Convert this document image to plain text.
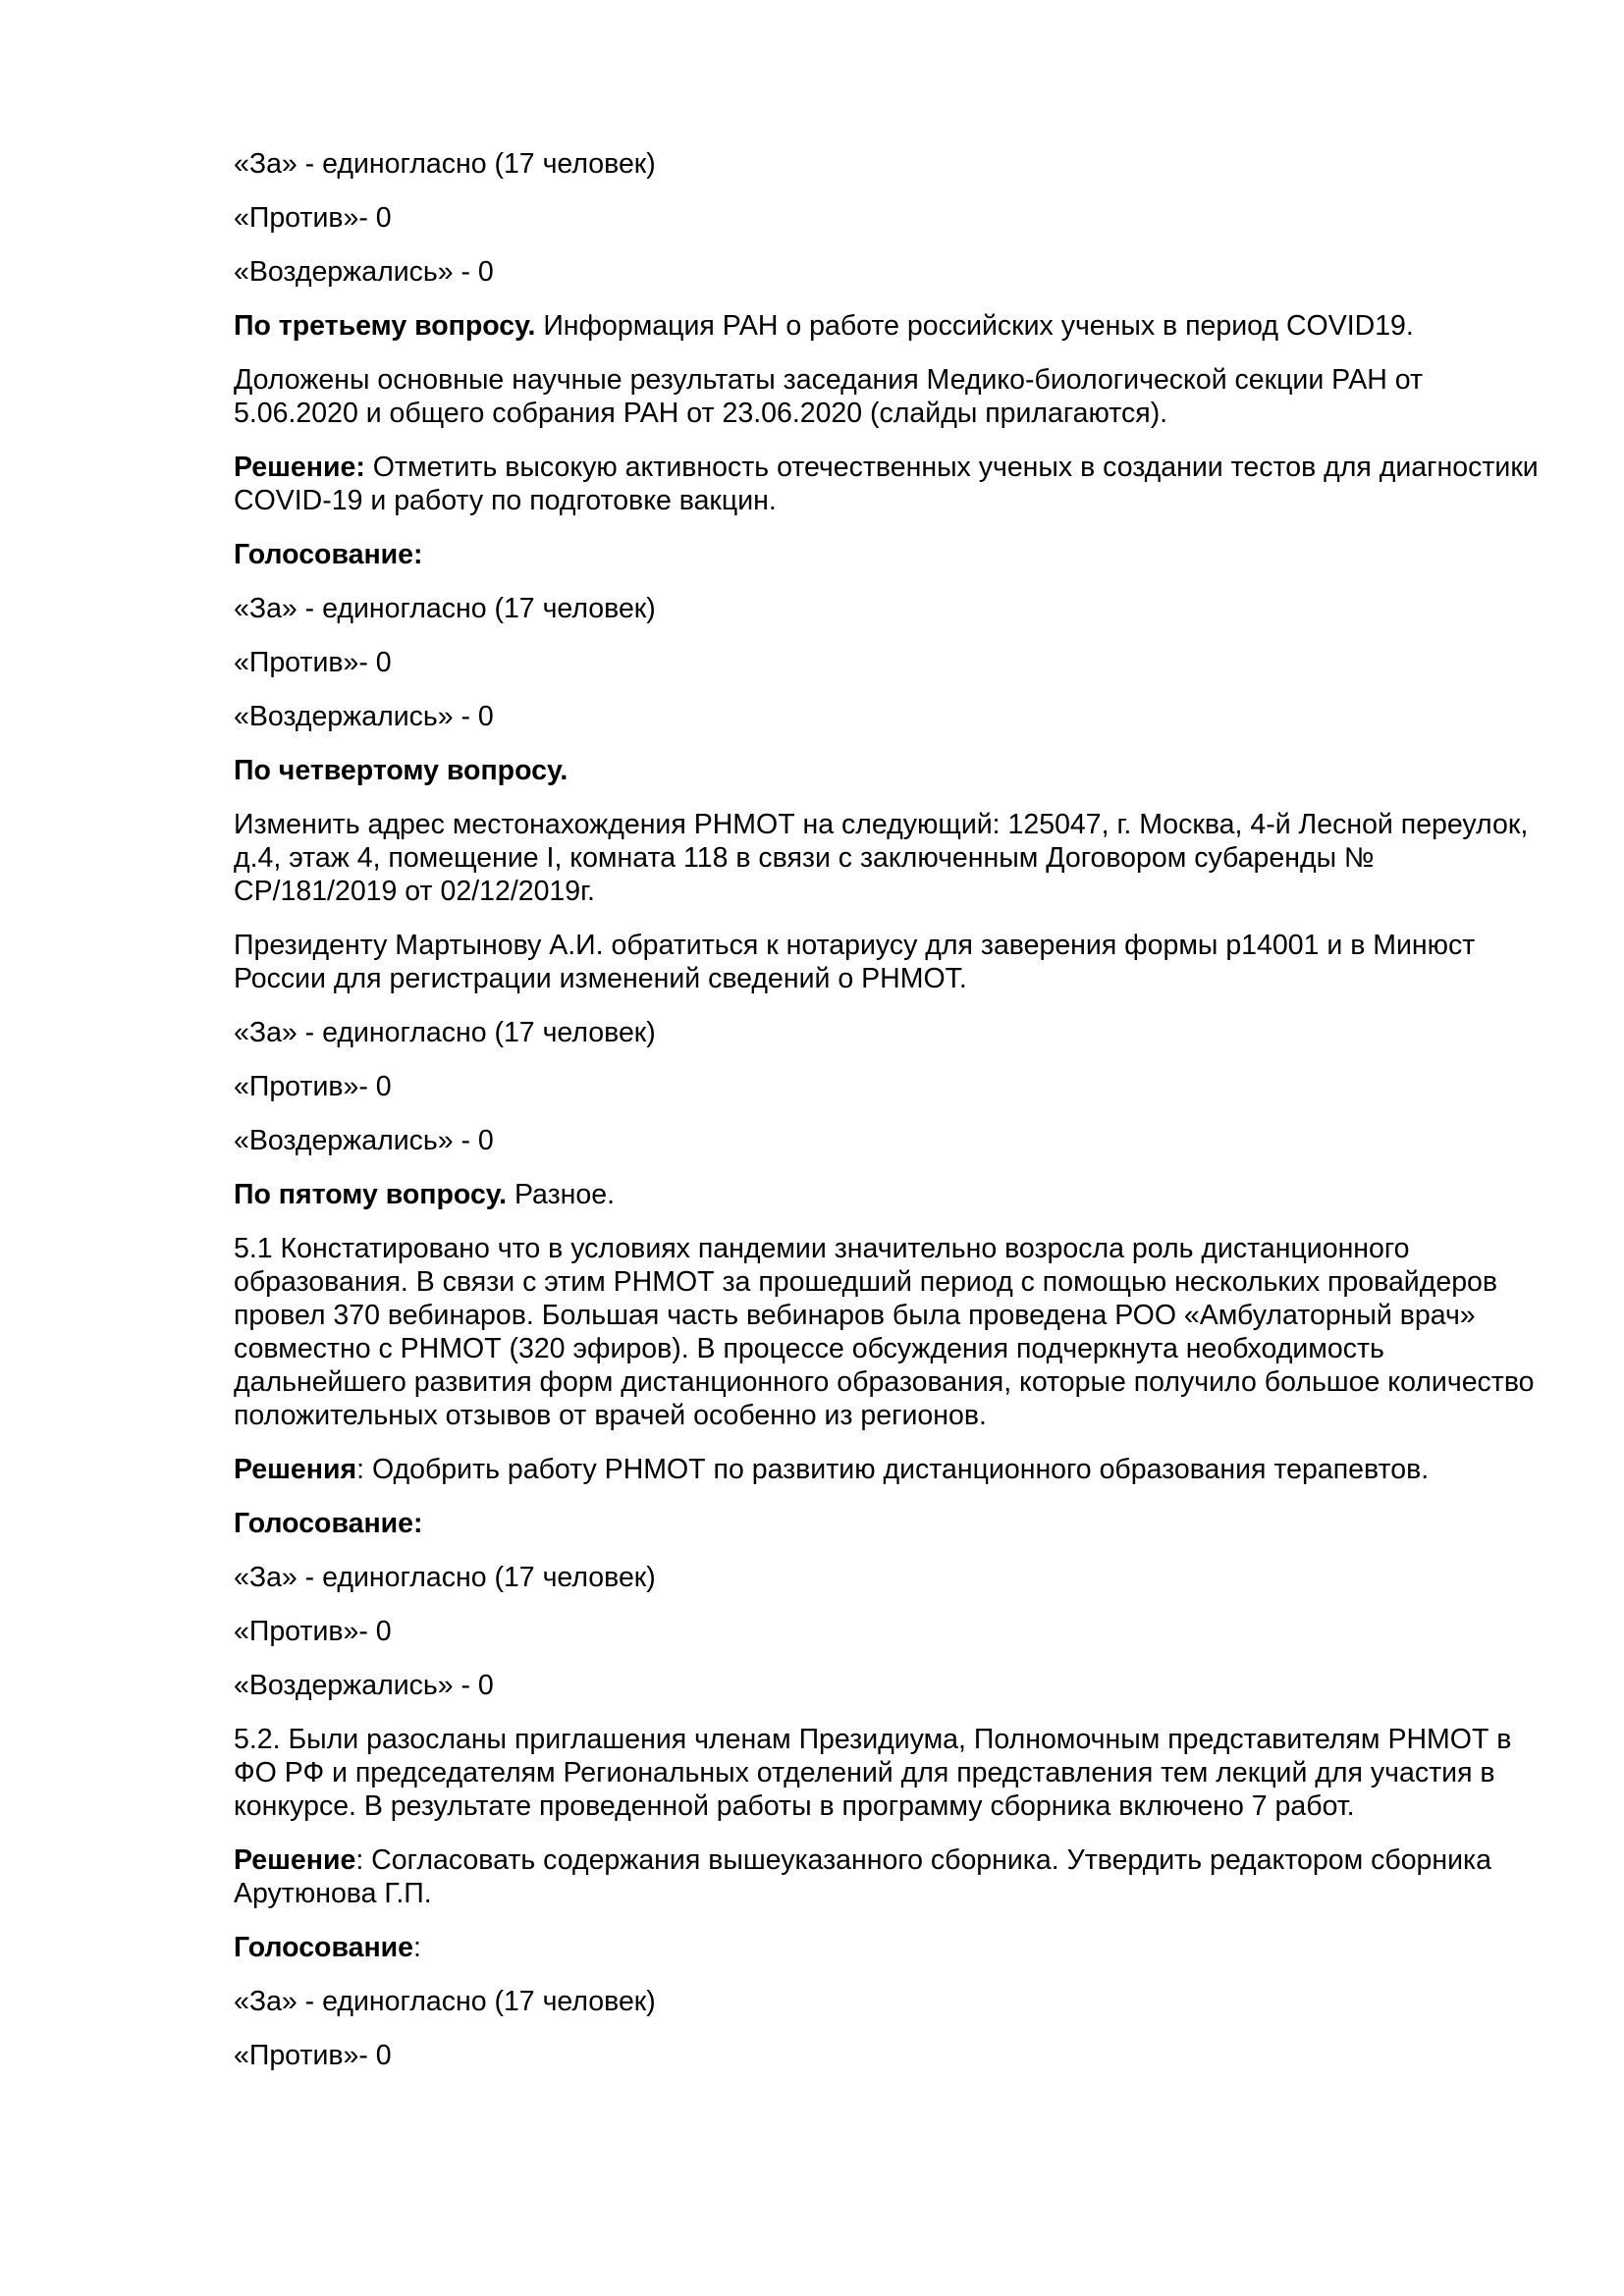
«За» - единогласно (17 человек)

«Против»- 0

«Воздержались» - 0

По третьему вопросу. Информация РАН о работе российских ученых в период COVID19.

Доложены основные научные результаты заседания Медико-биологической секции РАН от 5.06.2020 и общего собрания РАН от 23.06.2020 (слайды прилагаются).

Решение: Отметить высокую активность отечественных ученых в создании тестов для диагностики COVID-19 и работу по подготовке вакцин.

Голосование:

«За» - единогласно (17 человек)

«Против»- 0

«Воздержались» - 0

По четвертому вопросу.

Изменить адрес местонахождения РНМОТ на следующий: 125047, г. Москва, 4-й Лесной переулок, д.4, этаж 4, помещение I, комната 118 в связи с заключенным Договором субаренды № СР/181/2019 от 02/12/2019г.

Президенту Мартынову А.И. обратиться к нотариусу для заверения формы р14001 и в Минюст России для регистрации изменений сведений о РНМОТ.

«За» - единогласно (17 человек)

«Против»- 0

«Воздержались» - 0

По пятому вопросу. Разное.

5.1 Констатировано что в условиях пандемии значительно возросла роль дистанционного образования. В связи с этим РНМОТ за прошедший период с помощью нескольких провайдеров провел 370 вебинаров. Большая часть вебинаров была проведена РОО «Амбулаторный врач» совместно с РНМОТ (320 эфиров). В процессе обсуждения подчеркнута необходимость дальнейшего развития форм дистанционного образования, которые получило большое количество положительных отзывов от врачей особенно из регионов.

Решения: Одобрить работу РНМОТ по развитию дистанционного образования терапевтов.

Голосование:

«За» - единогласно (17 человек)

«Против»- 0

«Воздержались» - 0

5.2. Были разосланы приглашения членам Президиума, Полномочным представителям РНМОТ в ФО РФ и председателям Региональных отделений для представления тем лекций для участия в конкурсе. В результате проведенной работы в программу сборника включено 7 работ.

Решение: Согласовать содержания вышеуказанного сборника. Утвердить редактором сборника Арутюнова Г.П.

Голосование:

«За» - единогласно (17 человек)

«Против»- 0
